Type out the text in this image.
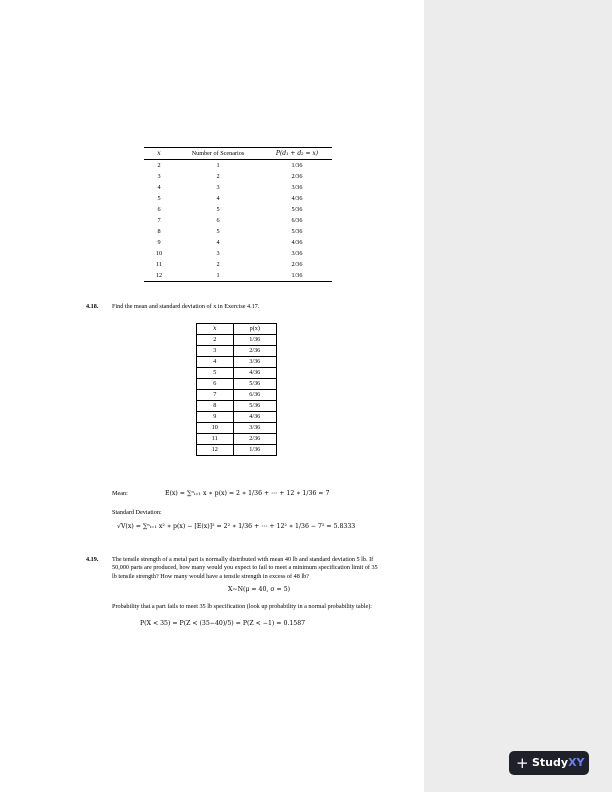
x	Number of Scenarios	P(d₁ + d₂ = x)
2	1	1/36
3	2	2/36
4	3	3/36
5	4	4/36
6	5	5/36
7	6	6/36
8	5	5/36
9	4	4/36
10	3	3/36
11	2	2/36
12	1	1/36
4.18. Find the mean and standard deviation of x in Exercise 4.17.
x	p(x)
2	1/36
3	2/36
4	3/36
5	4/36
6	5/36
7	6/36
8	5/36
9	4/36
10	3/36
11	2/36
12	1/36
Mean:	E(x) = ∑ⁿᵢ₌₁ x ∗ p(x) = 2 ∗ 1/36 + ⋯ + 12 ∗ 1/36 = 7
Standard Deviation:
√V(x) = ∑ⁿᵢ₌₁ x² ∗ p(x) − [E(x)]² = 2² ∗ 1/36 + ⋯ + 12² ∗ 1/36 − 7² = 5.8333
4.19. The tensile strength of a metal part is normally distributed with mean 40 lb and standard deviation 5 lb. If
50,000 parts are produced, how many would you expect to fail to meet a minimum specification limit of 35
lb tensile strength? How many would have a tensile strength in excess of 48 lb?
X~N(μ = 40, σ = 5)
Probability that a part fails to meet 35 lb specification (look up probability in a normal probability table):
P(X < 35) = P(Z < (35−40)/5) = P(Z < −1) = 0.1587
+ StudyXY
